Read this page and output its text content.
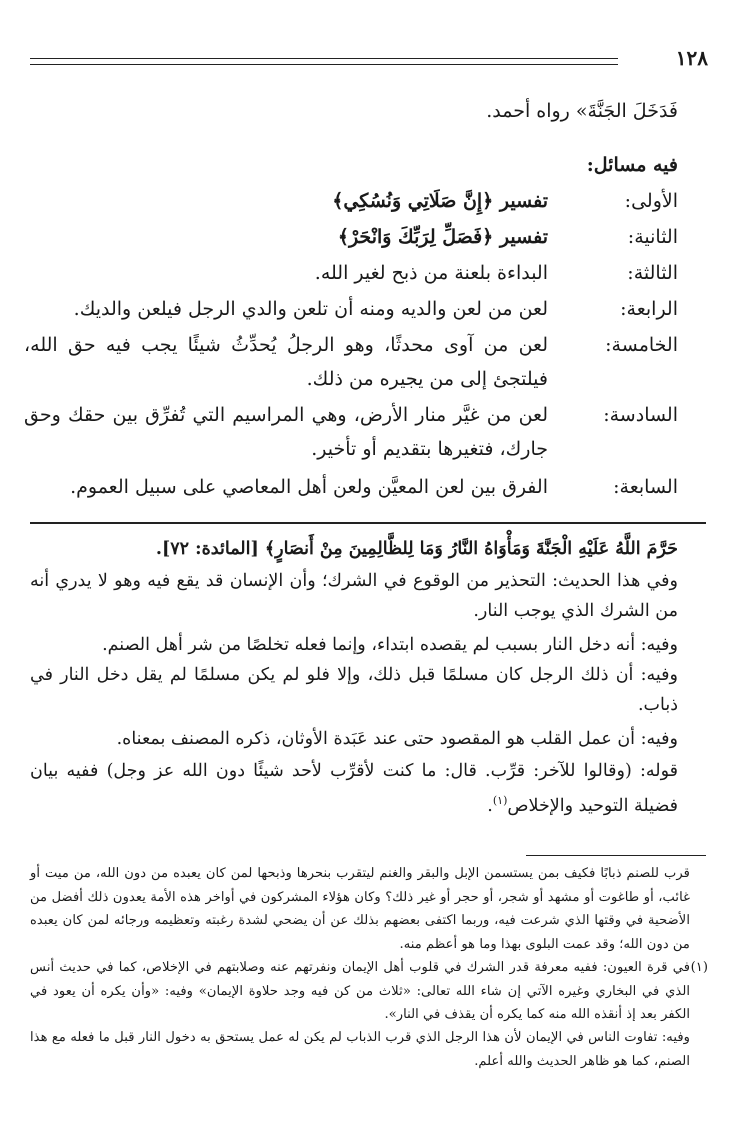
١٢٨
فَدَخَلَ الجَنَّةَ» رواه أحمد.
فيه مسائل:
الأولى:
تفسير ﴿إِنَّ صَلَاتِي وَنُسُكِي﴾
الثانية:
تفسير ﴿فَصَلِّ لِرَبِّكَ وَانْحَرْ﴾
الثالثة:
البداءة بلعنة من ذبح لغير الله.
الرابعة:
لعن من لعن والديه ومنه أن تلعن والدي الرجل فيلعن والديك.
الخامسة:
لعن من آوى محدثًا، وهو الرجلُ يُحدِّثُ شيئًا يجب فيه حق الله، فيلتجئ إلى من يجيره من ذلك.
السادسة:
لعن من غيَّر منار الأرض، وهي المراسيم التي تُفرِّق بين حقك وحق جارك، فتغيرها بتقديم أو تأخير.
السابعة:
الفرق بين لعن المعيَّن ولعن أهل المعاصي على سبيل العموم.
حَرَّمَ اللَّهُ عَلَيْهِ الْجَنَّةَ وَمَأْوَاهُ النَّارُ وَمَا لِلظَّالِمِينَ مِنْ أَنصَارٍ﴾ [المائدة: ٧٢].
وفي هذا الحديث: التحذير من الوقوع في الشرك؛ وأن الإنسان قد يقع فيه وهو لا يدري أنه من الشرك الذي يوجب النار.
وفيه: أنه دخل النار بسبب لم يقصده ابتداء، وإنما فعله تخلصًا من شر أهل الصنم.
وفيه: أن ذلك الرجل كان مسلمًا قبل ذلك، وإلا فلو لم يكن مسلمًا لم يقل دخل النار في ذباب.
وفيه: أن عمل القلب هو المقصود حتى عند عَبَدة الأوثان، ذكره المصنف بمعناه.
قوله: (وقالوا للآخر: قرِّب. قال: ما كنت لأقرِّب لأحد شيئًا دون الله عز وجل) ففيه بيان فضيلة التوحيد والإخلاص$^{(١)}$.
قرب للصنم ذبابًا فكيف بمن يستسمن الإبل والبقر والغنم ليتقرب بنحرها وذبحها لمن كان يعبده من دون الله، من ميت أو غائب، أو طاغوت أو مشهد أو شجر، أو حجر أو غير ذلك؟ وكان هؤلاء المشركون في أواخر هذه الأمة يعدون ذلك أفضل من الأضحية في وقتها الذي شرعت فيه، وربما اكتفى بعضهم بذلك عن أن يضحي لشدة رغبته وتعظيمه ورجائه لمن كان يعبده من دون الله؛ وقد عمت البلوى بهذا وما هو أعظم منه.
(١)
في قرة العيون: ففيه معرفة قدر الشرك في قلوب أهل الإيمان ونفرتهم عنه وصلابتهم في الإخلاص، كما في حديث أنس الذي في البخاري وغيره الآتي إن شاء الله تعالى: «ثلاث من كن فيه وجد حلاوة الإيمان» وفيه: «وأن يكره أن يعود في الكفر بعد إذ أنقذه الله منه كما يكره أن يقذف في النار».
وفيه: تفاوت الناس في الإيمان لأن هذا الرجل الذي قرب الذباب لم يكن له عمل يستحق به دخول النار قبل ما فعله مع هذا الصنم، كما هو ظاهر الحديث والله أعلم.
